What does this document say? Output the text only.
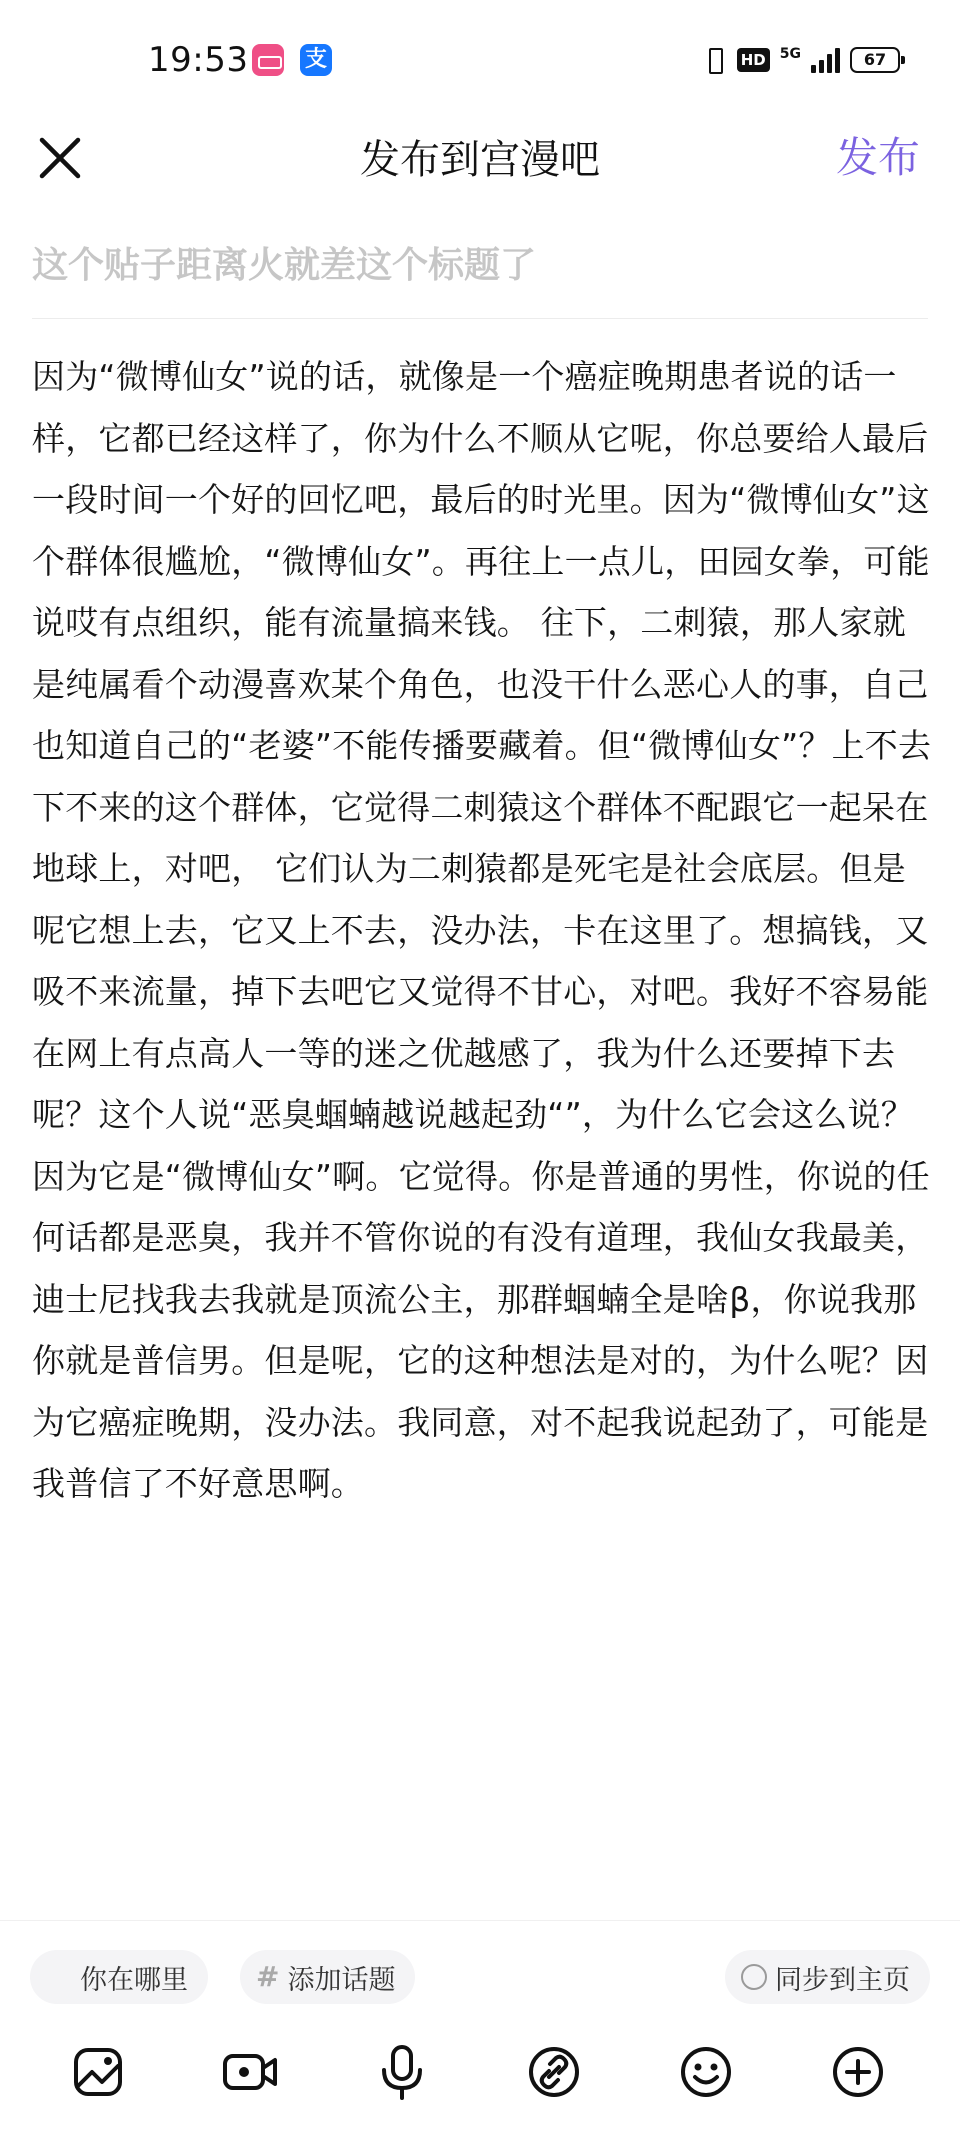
19:53	支	HD 5G	67
发布到宫漫吧	发布
这个贴子距离火就差这个标题了
因为“微博仙女”说的话，就像是一个癌症晚期患者说的话一样，它都已经这样了，你为什么不顺从它呢，你总要给人最后一段时间一个好的回忆吧，最后的时光里。因为“微博仙女”这个群体很尴尬，“微博仙女”。再往上一点儿，田园女拳，可能说哎有点组织，能有流量搞来钱。 往下，二刺猿，那人家就是纯属看个动漫喜欢某个角色，也没干什么恶心人的事，自己也知道自己的“老婆”不能传播要藏着。但“微博仙女”？上不去下不来的这个群体，它觉得二刺猿这个群体不配跟它一起呆在地球上，对吧， 它们认为二刺猿都是死宅是社会底层。但是呢它想上去，它又上不去，没办法，卡在这里了。想搞钱，又吸不来流量，掉下去吧它又觉得不甘心，对吧。我好不容易能在网上有点高人一等的迷之优越感了，我为什么还要掉下去呢？这个人说“恶臭蝈蝻越说越起劲“”，为什么它会这么说？因为它是“微博仙女”啊。它觉得。你是普通的男性，你说的任何话都是恶臭，我并不管你说的有没有道理，我仙女我最美，迪士尼找我去我就是顶流公主，那群蝈蝻全是啥β，你说我那你就是普信男。但是呢，它的这种想法是对的，为什么呢？因为它癌症晚期，没办法。我同意，对不起我说起劲了，可能是我普信了不好意思啊。
你在哪里 # 添加话题	同步到主页
